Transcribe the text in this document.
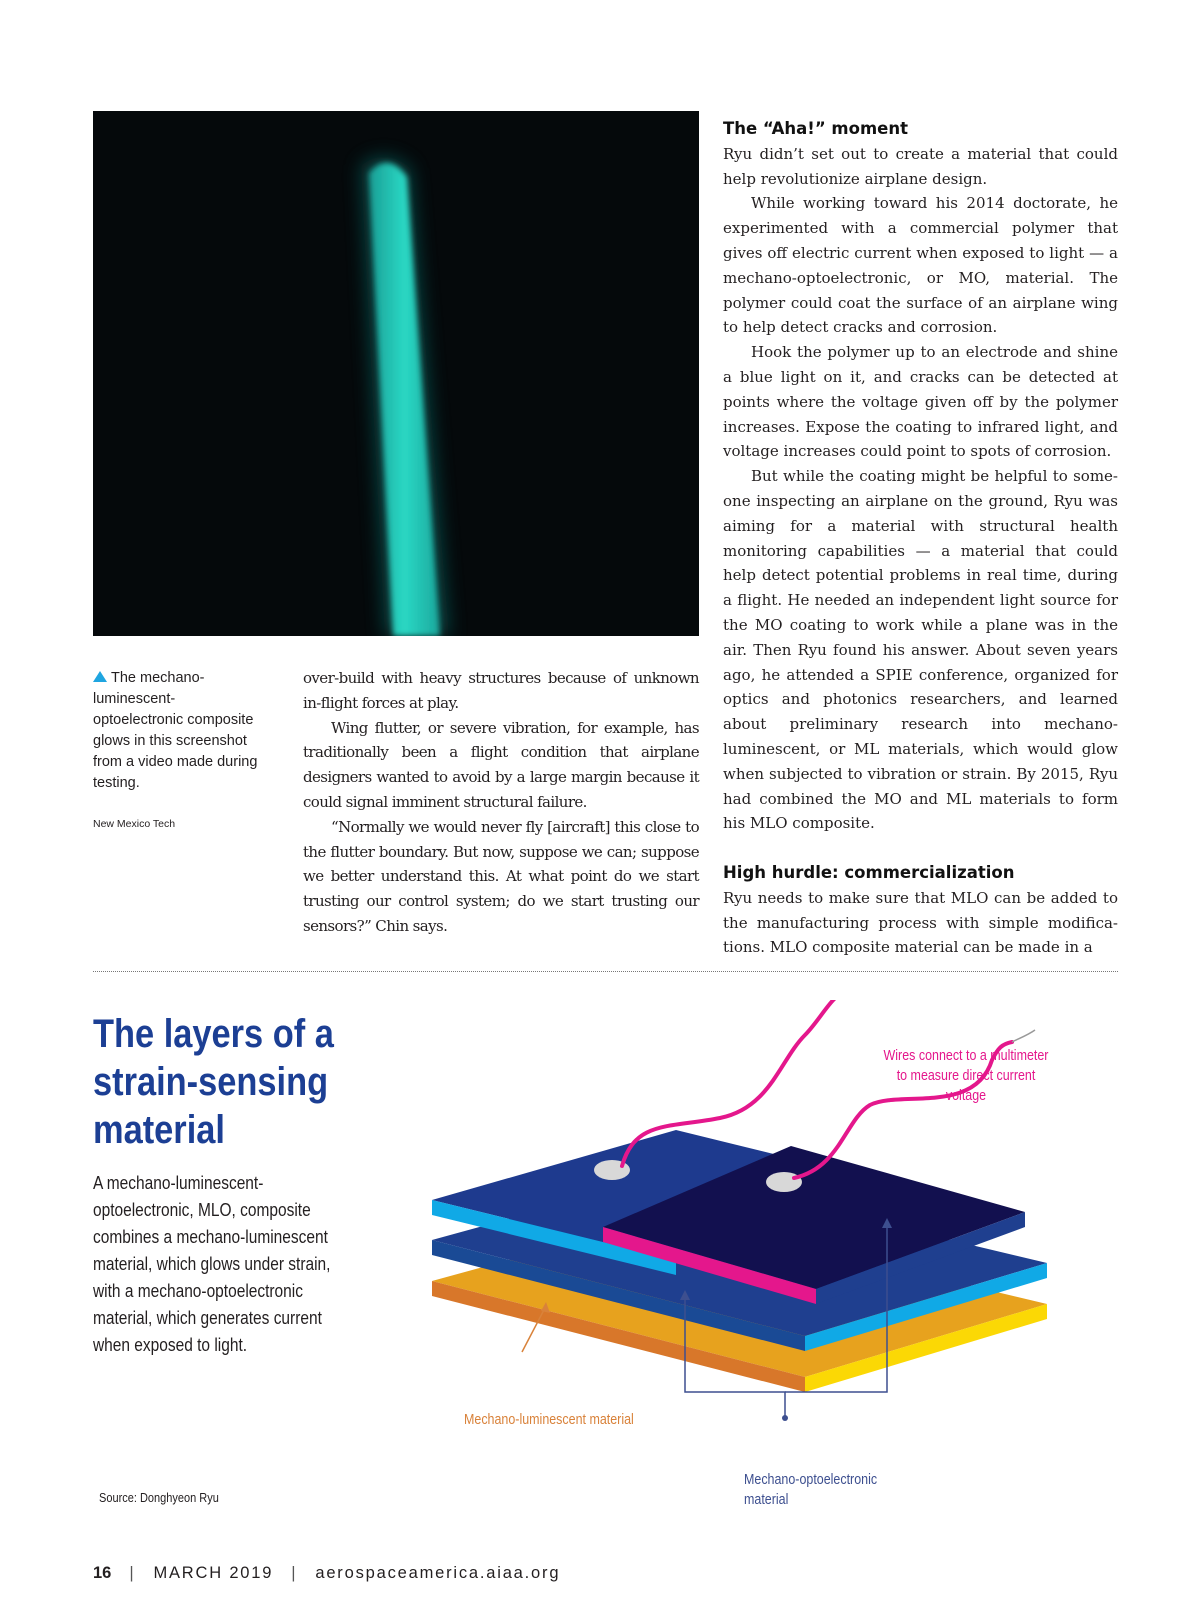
The mechano-luminescent-optoelectronic composite glows in this screenshot from a video made during testing.
New Mexico Tech

over-build with heavy structures because of unknown in-flight forces at play.

Wing flutter, or severe vibration, for example, has traditionally been a flight condition that airplane designers wanted to avoid by a large margin because it could signal imminent structural failure.

“Normally we would never fly [aircraft] this close to the flutter boundary. But now, suppose we can; suppose we better understand this. At what point do we start trusting our control system; do we start trusting our sensors?” Chin says.

The “Aha!” moment

Ryu didn’t set out to create a material that could help revolutionize airplane design.

While working toward his 2014 doctorate, he experimented with a commercial polymer that gives off electric current when exposed to light — a mechano-optoelectronic, or MO, material. The polymer could coat the surface of an airplane wing to help detect cracks and corrosion.

Hook the polymer up to an electrode and shine a blue light on it, and cracks can be detected at points where the voltage given off by the polymer increases. Expose the coating to infrared light, and voltage increases could point to spots of corrosion.

But while the coating might be helpful to someone inspecting an airplane on the ground, Ryu was aiming for a material with structural health monitoring capabilities — a material that could help detect potential problems in real time, during a flight. He needed an independent light source for the MO coating to work while a plane was in the air. Then Ryu found his answer. About seven years ago, he attended a SPIE conference, organized for optics and photonics researchers, and learned about preliminary research into mechano-luminescent, or ML materials, which would glow when subjected to vibration or strain. By 2015, Ryu had combined the MO and ML materials to form his MLO composite.

High hurdle: commercialization

Ryu needs to make sure that MLO can be added to the manufacturing process with simple modifications. MLO composite material can be made in a

The layers of a strain-sensing material
A mechano-luminescent-optoelectronic, MLO, composite combines a mechano-luminescent material, which glows under strain, with a mechano-optoelectronic material, which generates current when exposed to light.
Source: Donghyeon Ryu
Wires connect to a multimeter to measure direct current voltage
Mechano-luminescent material
Mechano-optoelectronic material
16 | MARCH 2019 | aerospaceamerica.aiaa.org
